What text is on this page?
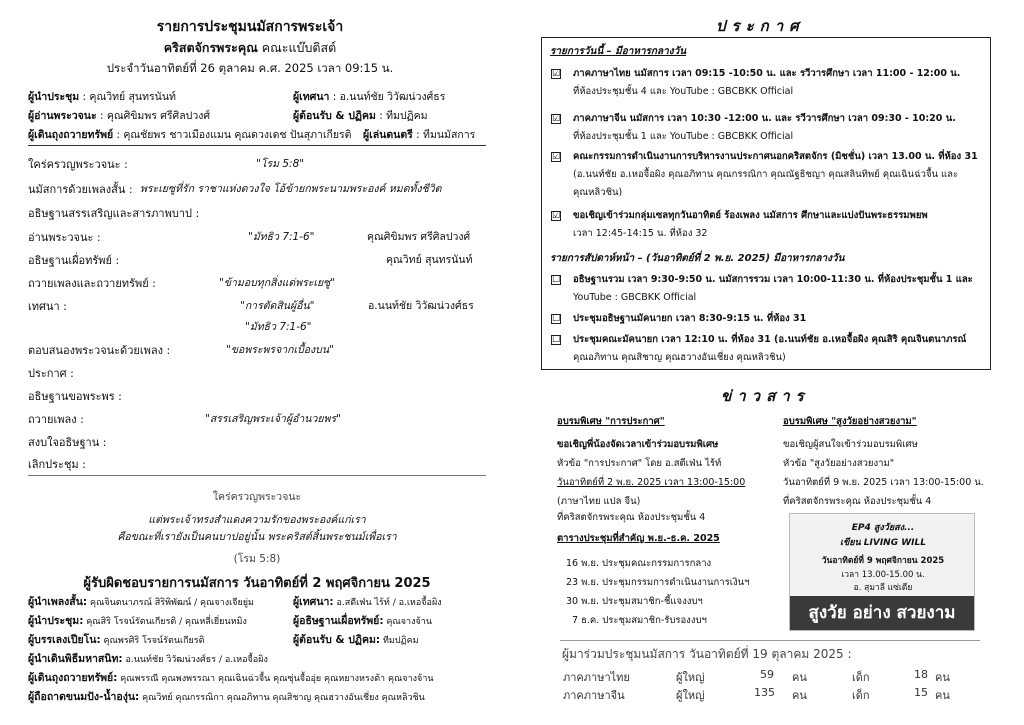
รายการประชุมนมัสการพระเจ้า
คริสตจักรพระคุณ คณะแบ๊บติสต์
ประจำวันอาทิตย์ที่ 26 ตุลาคม ค.ศ. 2025 เวลา 09:15 น.
ผู้นำประชุม : คุณวิทย์ สุนทรนันท์	ผู้เทศนา : อ.นนท์ชัย วิวัฒน่วงศ์ธร
ผู้อ่านพระวจนะ : คุณศิขิมพร ศรีศิลปวงศ์	ผู้ต้อนรับ & ปฏิคม : ทีมปฏิคม
ผู้เดินถุงถวายทรัพย์ : คุณชัยพร ชาวเมืองแมน คุณดวงเดช ปันสุภาเกียรติ ผู้เล่นดนตรี : ทีมนมัสการ
ใคร่ครวญพระวจนะ :	"โรม 5:8"
นมัสการด้วยเพลงสั้น : พระเยซูที่รัก ราชาแห่งดวงใจ โอ้ข้ายกพระนามพระองค์ หมดทั้งชีวิต
อธิษฐานสรรเสริญและสารภาพบาป :
อ่านพระวจนะ :	"มัทธิว 7:1-6"	คุณศิขิมพร ศรีศิลปวงศ์
อธิษฐานเผื่อทรัพย์ :	คุณวิทย์ สุนทรนันท์
ถวายเพลงและถวายทรัพย์ :	"ข้ามอบทุกสิ่งแด่พระเยซู"
เทศนา :	"การตัดสินผู้อื่น"	อ.นนท์ชัย วิวัฒน่วงศ์ธร
"มัทธิว 7:1-6"
ตอบสนองพระวจนะด้วยเพลง :	"ขอพระพรจากเบื้องบน"
ประกาศ :
อธิษฐานขอพระพร :
ถวายเพลง :	"สรรเสริญพระเจ้าผู้อำนวยพร"
สงบใจอธิษฐาน :
เลิกประชุม :
ใคร่ครวญพระวจนะ
แต่พระเจ้าทรงสำแดงความรักของพระองค์แก่เรา
คือขณะที่เรายังเป็นคนบาปอยู่นั้น พระคริสต์สิ้นพระชนม์เพื่อเรา
(โรม 5:8)
ผู้รับผิดชอบรายการนมัสการ วันอาทิตย์ที่ 2 พฤศจิกายน 2025
ผู้นำเพลงสั้น: คุณจินตนาภรณ์ สิริพิพัฒน์ / คุณจางเจียยู่ม	ผู้เทศนา: อ.สตีเฟ่น ไร้ท์ / อ.เหอจื้อผิง
ผู้นำประชุม: คุณสิริ โรจน์รัตนเกียรติ / คุณหลี่เยี่ยนหมิง	ผู้อธิษฐานเผื่อทรัพย์: คุณจางจ้าน
ผู้บรรเลงเปียโน: คุณพรศิริ โรจน์รัตนเกียรติ	ผู้ต้อนรับ & ปฏิคม: ทีมปฏิคม
ผู้นำเดินพิธีมหาสนิท: อ.นนท์ชัย วิวัฒน่วงศ์ธร / อ.เหอจื้อผิง
ผู้เดินถุงถวายทรัพย์: คุณพรรณี คุณพงพรรณา คุณเฉินฉ่วจื้น คุณซุ่นจื้ออุ่ย คุณหยางหรงต้า คุณจางจ้าน
ผู้ถือถาดขนมปัง-น้ำองุ่น: คุณวิทย์ คุณกรรณิกา คุณอภิทาน คุณสิชาญ คุณฮวางอันเชี่ยง คุณหลิวชิน
ประกาศ
รายการวันนี้ – มีอาหารกลางวัน
☑ ภาคภาษาไทย นมัสการ เวลา 09:15 -10:50 น. และ รวีวารศึกษา เวลา 11:00 - 12:00 น.
ที่ห้องประชุมชั้น 4 และ YouTube : GBCBKK Official
☑ ภาคภาษาจีน นมัสการ เวลา 10:30 -12:00 น. และ รวีวารศึกษา เวลา 09:30 - 10:20 น.
ที่ห้องประชุมชั้น 1 และ YouTube : GBCBKK Official
☑ คณะกรรมการดำเนินงานการบริหารงานประกาศนอกคริสตจักร (มิชชั่น) เวลา 13.00 น. ที่ห้อง 31
(อ.นนท์ชัย อ.เหอจื้อผิง คุณอภิทาน คุณกรรณิกา คุณณัฐธิชญา คุณสลินทิพย์ คุณเฉินฉ่วจื้น และ
คุณหลิวชิน)
☑ ขอเชิญเข้าร่วมกลุ่มเซลทุกวันอาทิตย์ ร้องเพลง นมัสการ ศึกษาและแบ่งปันพระธรรมพยพ
เวลา 12:45-14:15 น. ที่ห้อง 32
รายการสัปดาห์หน้า – (วันอาทิตย์ที่ 2 พ.ย. 2025) มีอาหารกลางวัน
☐ อธิษฐานรวม เวลา 9:30-9:50 น. นมัสการรวม เวลา 10:00-11:30 น. ที่ห้องประชุมชั้น 1 และ
YouTube : GBCBKK Official
☐ ประชุมอธิษฐานมัคนายก เวลา 8:30-9:15 น. ที่ห้อง 31
☐ ประชุมคณะมัคนายก เวลา 12:10 น. ที่ห้อง 31 (อ.นนท์ชัย อ.เหอจื้อผิง คุณสิริ คุณจินตนาภรณ์
คุณอภิทาน คุณสิชาญ คุณฮวางอันเชี่ยง คุณหลิวชิน)
ข่าวสาร
อบรมพิเศษ "การประกาศ"
ขอเชิญพี่น้องจัดเวลาเข้าร่วมอบรมพิเศษ
หัวข้อ "การประกาศ" โดย อ.สตีเฟ่น ไร้ท์
วันอาทิตย์ที่ 2 พ.ย. 2025 เวลา 13:00-15:00
(ภาษาไทย แปล จีน)
ที่คริสตจักรพระคุณ ห้องประชุมชั้น 4
อบรมพิเศษ "สูงวัยอย่างสวยงาม"
ขอเชิญผู้สนใจเข้าร่วมอบรมพิเศษ
หัวข้อ "สูงวัยอย่างสวยงาม"
วันอาทิตย์ที่ 9 พ.ย. 2025 เวลา 13:00-15:00 น.
ที่คริสตจักรพระคุณ ห้องประชุมชั้น 4
ตารางประชุมที่สำคัญ พ.ย.-ธ.ค. 2025
16 พ.ย. ประชุมคณะกรรมการกลาง
23 พ.ย. ประชุมกรรมการดำเนินงานการเงินฯ
30 พ.ย. ประชุมสมาชิก-ชี้แจงงบฯ
7 ธ.ค. ประชุมสมาชิก-รับรองงบฯ
EP4 สูงวัยสง...
เขียน LIVING WILL
วันอาทิตย์ที่ 9 พฤศจิกายน 2025
เวลา 13.00-15.00 น.
อ. สุมาลี แซ่เตีย
สูงวัย อย่าง สวยงาม
ผู้มาร่วมประชุมนมัสการ วันอาทิตย์ที่ 19 ตุลาคม 2025 :
ภาคภาษาไทย	ผู้ใหญ่	59 คน	เด็ก	18 คน
ภาคภาษาจีน	ผู้ใหญ่	135 คน	เด็ก	15 คน
